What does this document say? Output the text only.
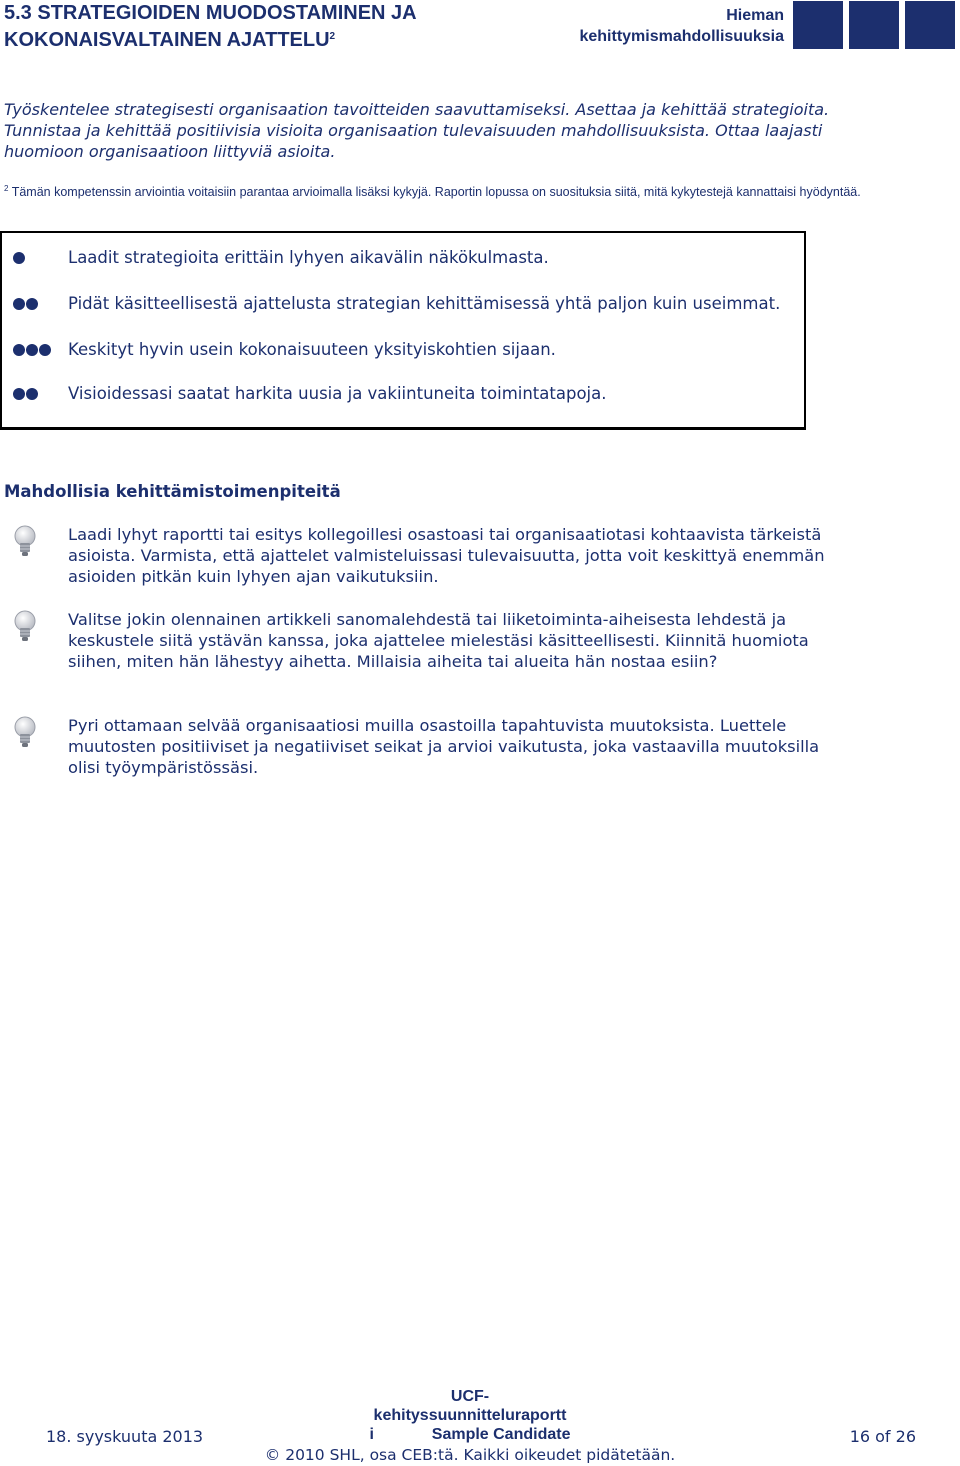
5.3 STRATEGIOIDEN MUODOSTAMINEN JA
KOKONAISVALTAINEN AJATTELU$^2$
Hieman
kehittymismahdollisuuksia
Työskentelee strategisesti organisaation tavoitteiden saavuttamiseksi. Asettaa ja kehittää strategioita. Tunnistaa ja kehittää positiivisia visioita organisaation tulevaisuuden mahdollisuuksista. Ottaa laajasti huomioon organisaatioon liittyviä asioita.
$^2$ Tämän kompetenssin arviointia voitaisiin parantaa arvioimalla lisäksi kykyjä. Raportin lopussa on suosituksia siitä, mitä kykytestejä kannattaisi hyödyntää.
Laadit strategioita erittäin lyhyen aikavälin näkökulmasta.
Pidät käsitteellisestä ajattelusta strategian kehittämisessä yhtä paljon kuin useimmat.
Keskityt hyvin usein kokonaisuuteen yksityiskohtien sijaan.
Visioidessasi saatat harkita uusia ja vakiintuneita toimintatapoja.
Mahdollisia kehittämistoimenpiteitä
Laadi lyhyt raportti tai esitys kollegoillesi osastoasi tai organisaatiotasi kohtaavista tärkeistä asioista. Varmista, että ajattelet valmisteluissasi tulevaisuutta, jotta voit keskittyä enemmän asioiden pitkän kuin lyhyen ajan vaikutuksiin.
Valitse jokin olennainen artikkeli sanomalehdestä tai liiketoiminta-aiheisesta lehdestä ja keskustele siitä ystävän kanssa, joka ajattelee mielestäsi käsitteellisesti. Kiinnitä huomiota siihen, miten hän lähestyy aihetta. Millaisia aiheita tai alueita hän nostaa esiin?
Pyri ottamaan selvää organisaatiosi muilla osastoilla tapahtuvista muutoksista. Luettele muutosten positiiviset ja negatiiviset seikat ja arvioi vaikutusta, joka vastaavilla muutoksilla olisi työympäristössäsi.
18. syyskuuta 2013
UCF-
kehityssuunnitteluraportt
i	Sample Candidate	16 of 26
© 2010 SHL, osa CEB:tä. Kaikki oikeudet pidätetään.
